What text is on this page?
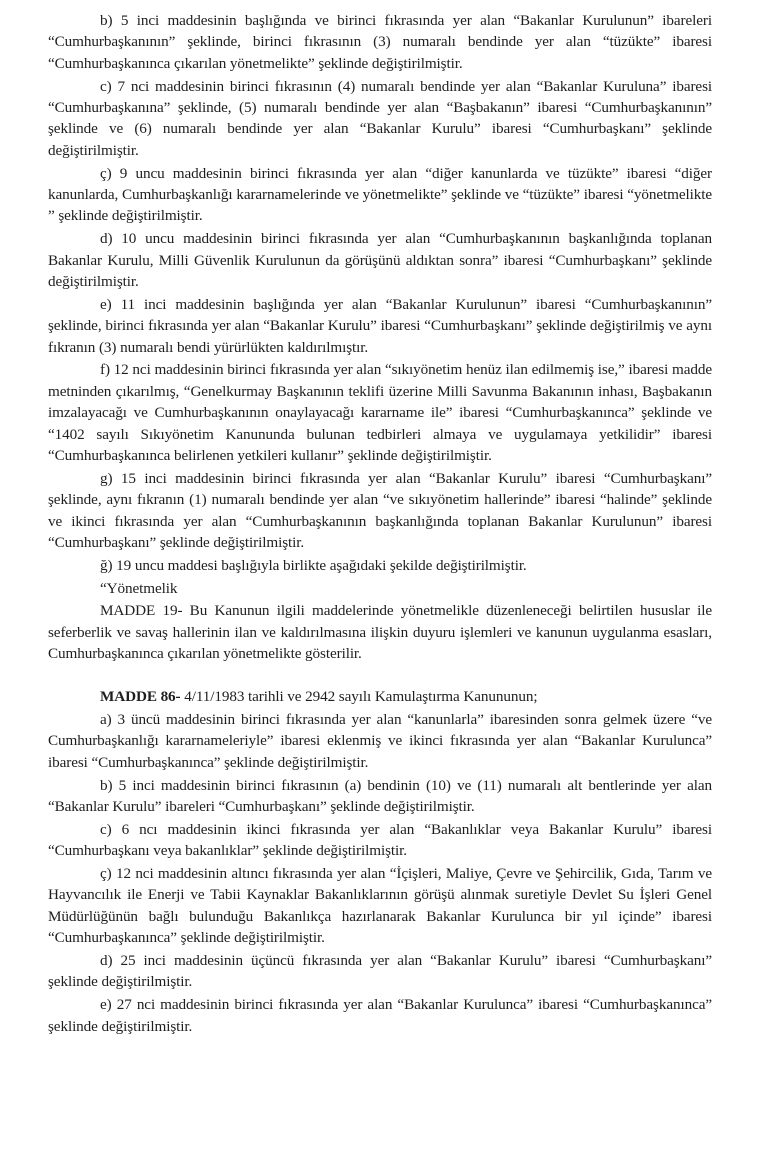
b) 5 inci maddesinin başlığında ve birinci fıkrasında yer alan “Bakanlar Kurulunun” ibareleri “Cumhurbaşkanının” şeklinde, birinci fıkrasının (3) numaralı bendinde yer alan “tüzükte” ibaresi “Cumhurbaşkanınca çıkarılan yönetmelikte” şeklinde değiştirilmiştir.

c) 7 nci maddesinin birinci fıkrasının (4) numaralı bendinde yer alan “Bakanlar Kuruluna” ibaresi “Cumhurbaşkanına” şeklinde, (5) numaralı bendinde yer alan “Başbakanın” ibaresi “Cumhurbaşkanının” şeklinde ve (6) numaralı bendinde yer alan “Bakanlar Kurulu” ibaresi “Cumhurbaşkanı” şeklinde değiştirilmiştir.

ç) 9 uncu maddesinin birinci fıkrasında yer alan “diğer kanunlarda ve tüzükte” ibaresi “diğer kanunlarda, Cumhurbaşkanlığı kararnamelerinde ve yönetmelikte” şeklinde ve “tüzükte” ibaresi “yönetmelikte ” şeklinde değiştirilmiştir.

d) 10 uncu maddesinin birinci fıkrasında yer alan “Cumhurbaşkanının başkanlığında toplanan Bakanlar Kurulu, Milli Güvenlik Kurulunun da görüşünü aldıktan sonra” ibaresi “Cumhurbaşkanı” şeklinde değiştirilmiştir.

e) 11 inci maddesinin başlığında yer alan “Bakanlar Kurulunun” ibaresi “Cumhurbaşkanının” şeklinde, birinci fıkrasında yer alan “Bakanlar Kurulu” ibaresi “Cumhurbaşkanı” şeklinde değiştirilmiş ve aynı fıkranın (3) numaralı bendi yürürlükten kaldırılmıştır.

f) 12 nci maddesinin birinci fıkrasında yer alan “sıkıyönetim henüz ilan edilmemiş ise,” ibaresi madde metninden çıkarılmış, “Genelkurmay Başkanının teklifi üzerine Milli Savunma Bakanının inhası, Başbakanın imzalayacağı ve Cumhurbaşkanının onaylayacağı kararname ile” ibaresi “Cumhurbaşkanınca” şeklinde ve “1402 sayılı Sıkıyönetim Kanununda bulunan tedbirleri almaya ve uygulamaya yetkilidir” ibaresi “Cumhurbaşkanınca belirlenen yetkileri kullanır” şeklinde değiştirilmiştir.

g) 15 inci maddesinin birinci fıkrasında yer alan “Bakanlar Kurulu” ibaresi “Cumhurbaşkanı” şeklinde, aynı fıkranın (1) numaralı bendinde yer alan “ve sıkıyönetim hallerinde” ibaresi “halinde” şeklinde ve ikinci fıkrasında yer alan “Cumhurbaşkanının başkanlığında toplanan Bakanlar Kurulunun” ibaresi “Cumhurbaşkanı” şeklinde değiştirilmiştir.

ğ) 19 uncu maddesi başlığıyla birlikte aşağıdaki şekilde değiştirilmiştir.

“Yönetmelik

MADDE 19- Bu Kanunun ilgili maddelerinde yönetmelikle düzenleneceği belirtilen hususlar ile seferberlik ve savaş hallerinin ilan ve kaldırılmasına ilişkin duyuru işlemleri ve kanunun uygulanma esasları, Cumhurbaşkanınca çıkarılan yönetmelikte gösterilir.

MADDE 86- 4/11/1983 tarihli ve 2942 sayılı Kamulaştırma Kanununun;

a) 3 üncü maddesinin birinci fıkrasında yer alan “kanunlarla” ibaresinden sonra gelmek üzere “ve Cumhurbaşkanlığı kararnameleriyle” ibaresi eklenmiş ve ikinci fıkrasında yer alan “Bakanlar Kurulunca” ibaresi “Cumhurbaşkanınca” şeklinde değiştirilmiştir.

b) 5 inci maddesinin birinci fıkrasının (a) bendinin (10) ve (11) numaralı alt bentlerinde yer alan “Bakanlar Kurulu” ibareleri “Cumhurbaşkanı” şeklinde değiştirilmiştir.

c) 6 ncı maddesinin ikinci fıkrasında yer alan “Bakanlıklar veya Bakanlar Kurulu” ibaresi “Cumhurbaşkanı veya bakanlıklar” şeklinde değiştirilmiştir.

ç) 12 nci maddesinin altıncı fıkrasında yer alan “İçişleri, Maliye, Çevre ve Şehircilik, Gıda, Tarım ve Hayvancılık ile Enerji ve Tabii Kaynaklar Bakanlıklarının görüşü alınmak suretiyle Devlet Su İşleri Genel Müdürlüğünün bağlı bulunduğu Bakanlıkça hazırlanarak Bakanlar Kurulunca bir yıl içinde” ibaresi “Cumhurbaşkanınca” şeklinde değiştirilmiştir.

d) 25 inci maddesinin üçüncü fıkrasında yer alan “Bakanlar Kurulu” ibaresi “Cumhurbaşkanı” şeklinde değiştirilmiştir.

e) 27 nci maddesinin birinci fıkrasında yer alan “Bakanlar Kurulunca” ibaresi “Cumhurbaşkanınca” şeklinde değiştirilmiştir.
